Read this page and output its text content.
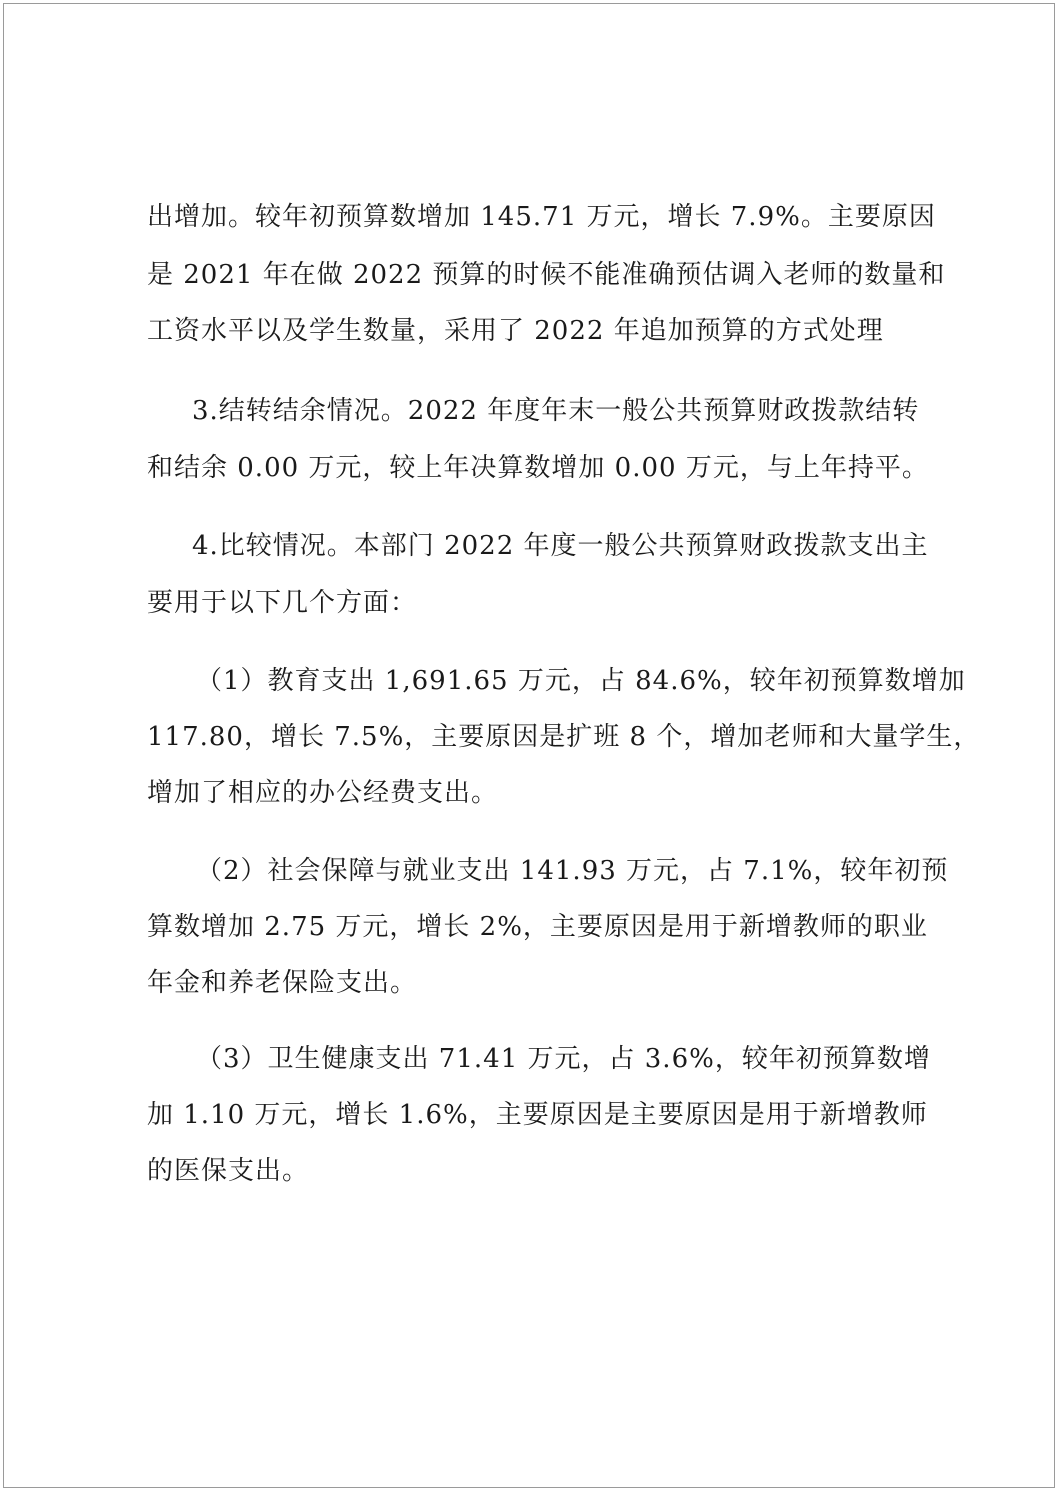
出增加。较年初预算数增加 145.71 万元，增长 7.9%。主要原因
是 2021 年在做 2022 预算的时候不能准确预估调入老师的数量和
工资水平以及学生数量，采用了 2022 年追加预算的方式处理
3.结转结余情况。2022 年度年末一般公共预算财政拨款结转
和结余 0.00 万元，较上年决算数增加 0.00 万元，与上年持平。
4.比较情况。本部门 2022 年度一般公共预算财政拨款支出主
要用于以下几个方面：
（1）教育支出 1,691.65 万元，占 84.6%，较年初预算数增加
117.80，增长 7.5%，主要原因是扩班 8 个，增加老师和大量学生，
增加了相应的办公经费支出。
（2）社会保障与就业支出 141.93 万元，占 7.1%，较年初预
算数增加 2.75 万元，增长 2%，主要原因是用于新增教师的职业
年金和养老保险支出。
（3）卫生健康支出 71.41 万元，占 3.6%，较年初预算数增
加 1.10 万元，增长 1.6%，主要原因是主要原因是用于新增教师
的医保支出。
